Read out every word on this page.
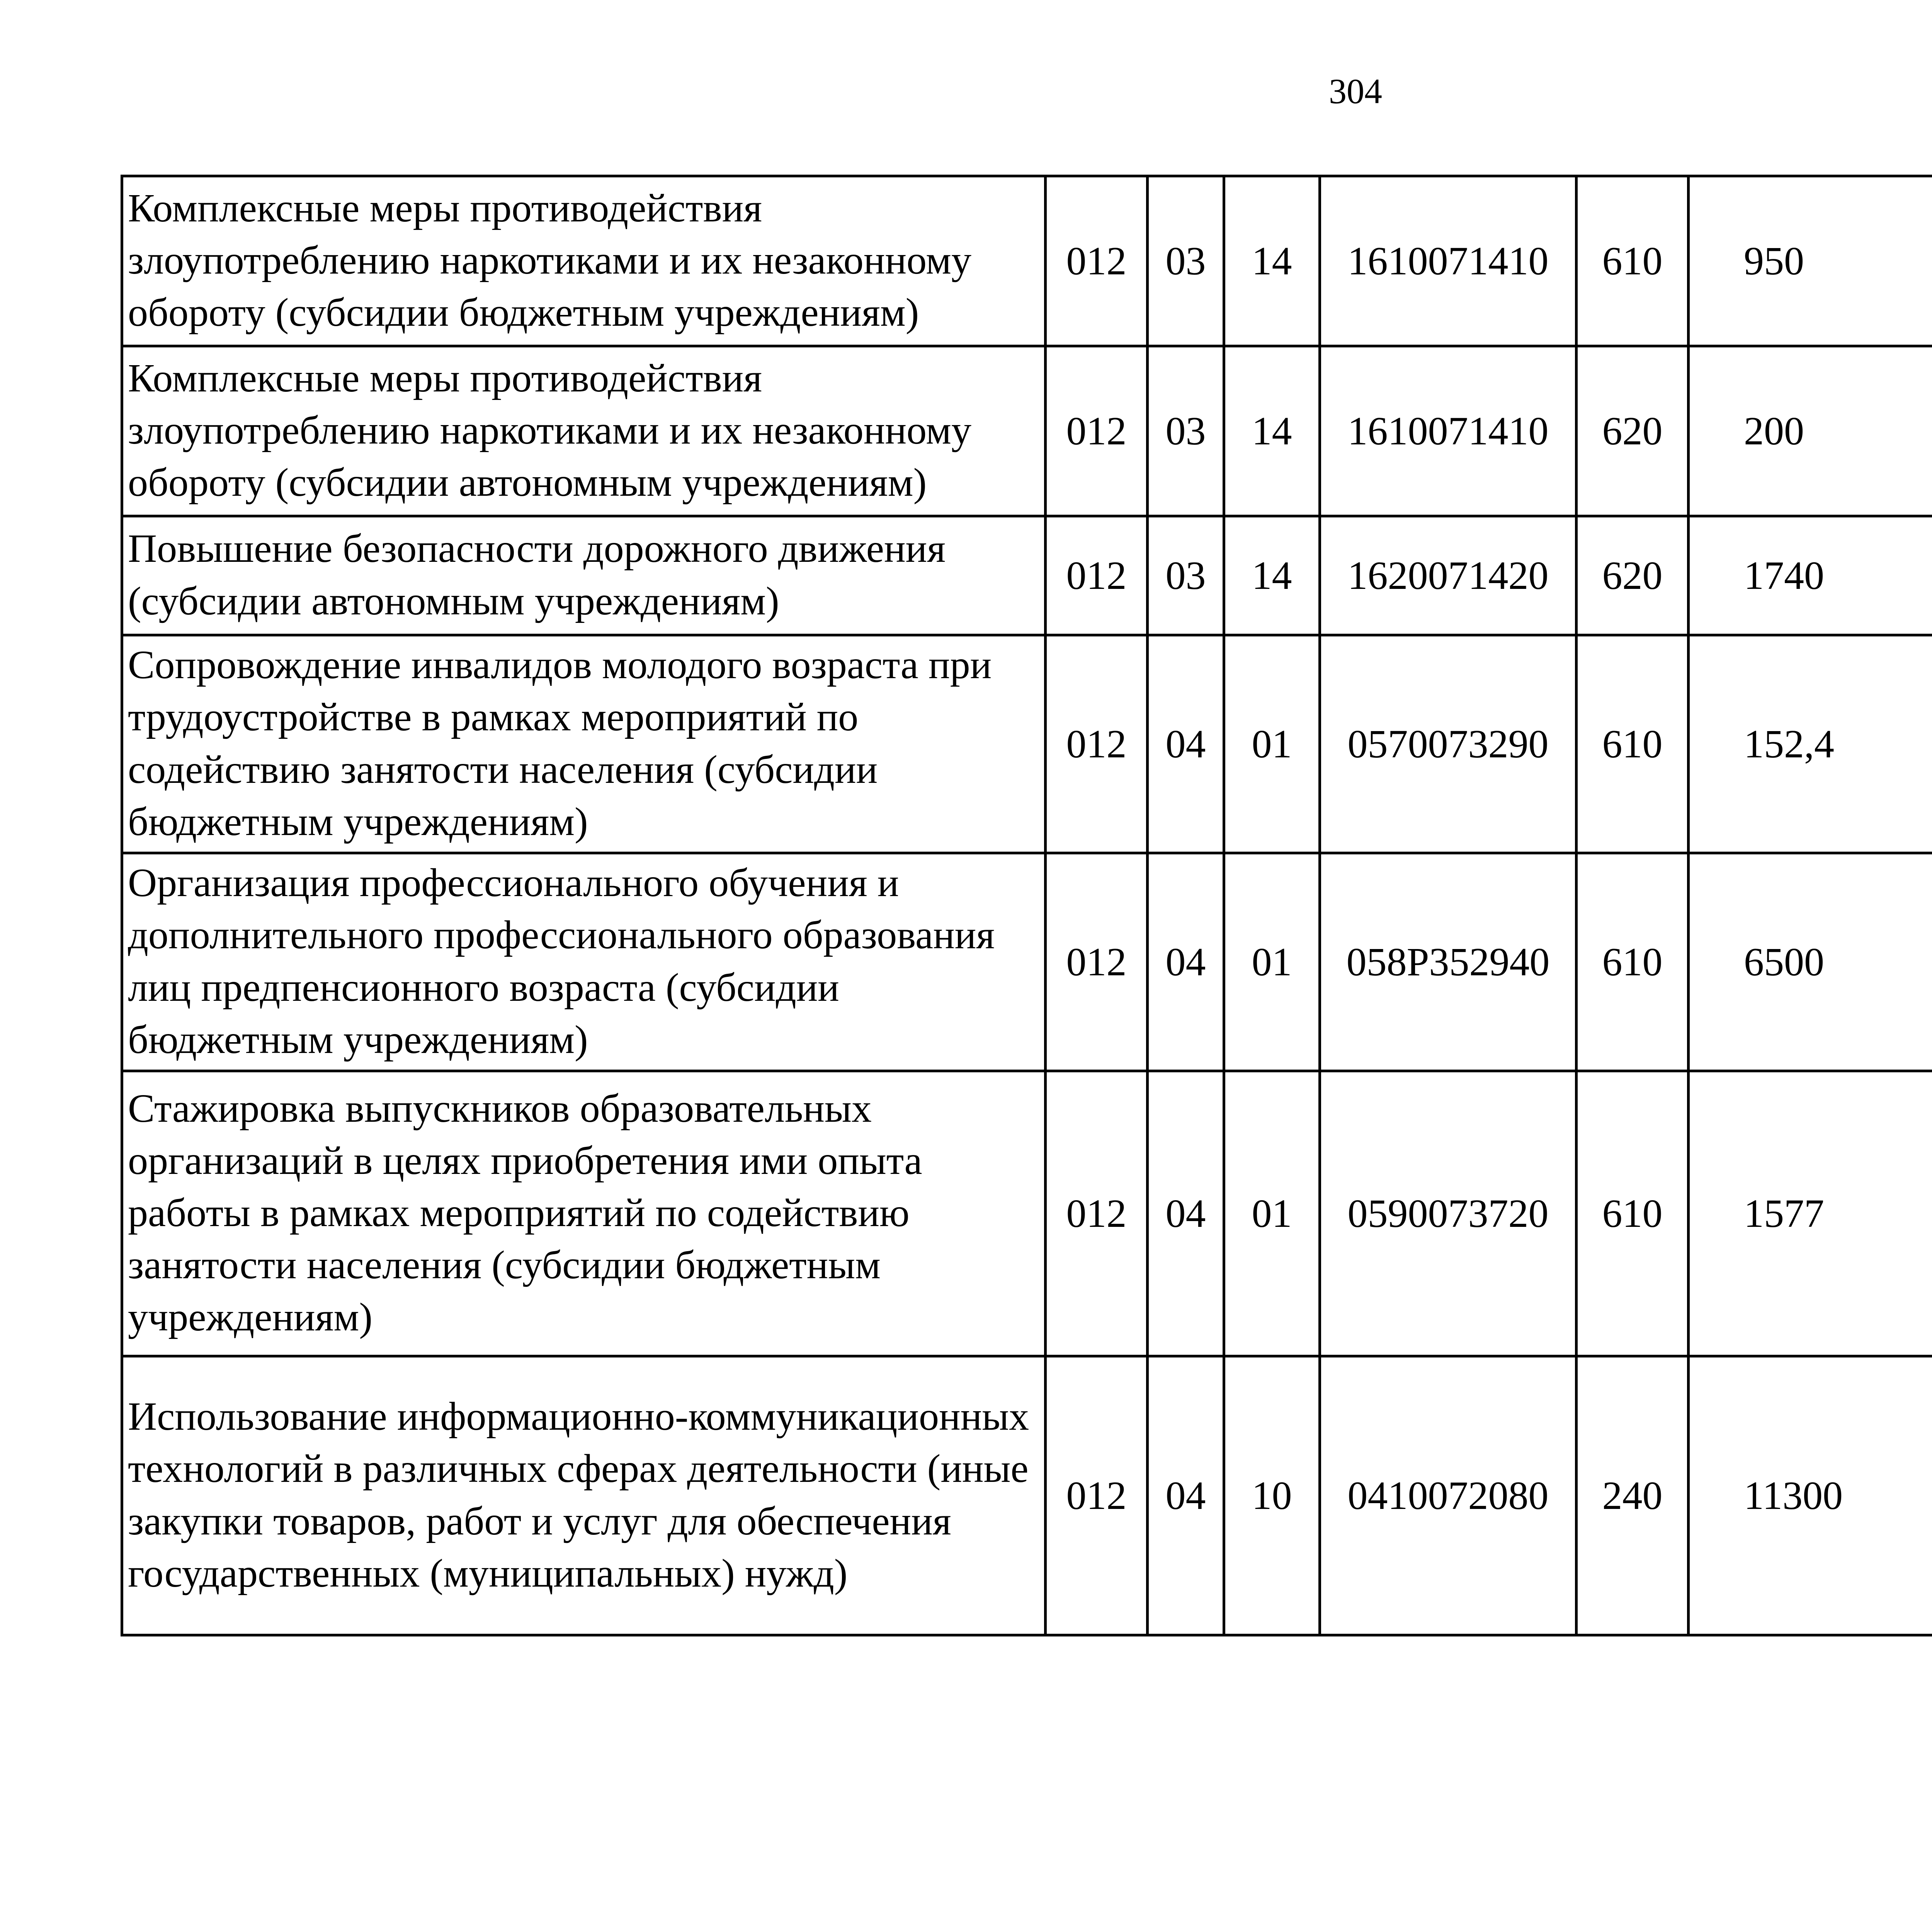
304
Комплексные меры противодействия злоупотреблению наркотиками и их незаконному обороту (субсидии бюджетным учреждениям)	012	03	14	1610071410	610	950		
Комплексные меры противодействия злоупотреблению наркотиками и их незаконному обороту (субсидии автономным учреждениям)	012	03	14	1610071410	620	200		
Повышение безопасности дорожного движения (субсидии автономным учреждениям)	012	03	14	1620071420	620	1740		
Сопровождение инвалидов молодого возраста при трудоустройстве в рамках мероприятий по содействию занятости населения (субсидии бюджетным учреждениям)	012	04	01	0570073290	610	152,4		
Организация профессионального обучения и дополнительного профессионального образования лиц предпенсионного возраста (субсидии бюджетным учреждениям)	012	04	01	058P352940	610	6500		
Стажировка выпускников образовательных организаций в целях приобретения ими опыта работы в рамках мероприятий по содействию занятости населения (субсидии бюджетным учреждениям)	012	04	01	0590073720	610	1577		
Использование информационно-коммуникационных технологий в различных сферах деятельности (иные закупки товаров, работ и услуг для обеспечения государственных (муниципальных) нужд)	012	04	10	0410072080	240	11300		
